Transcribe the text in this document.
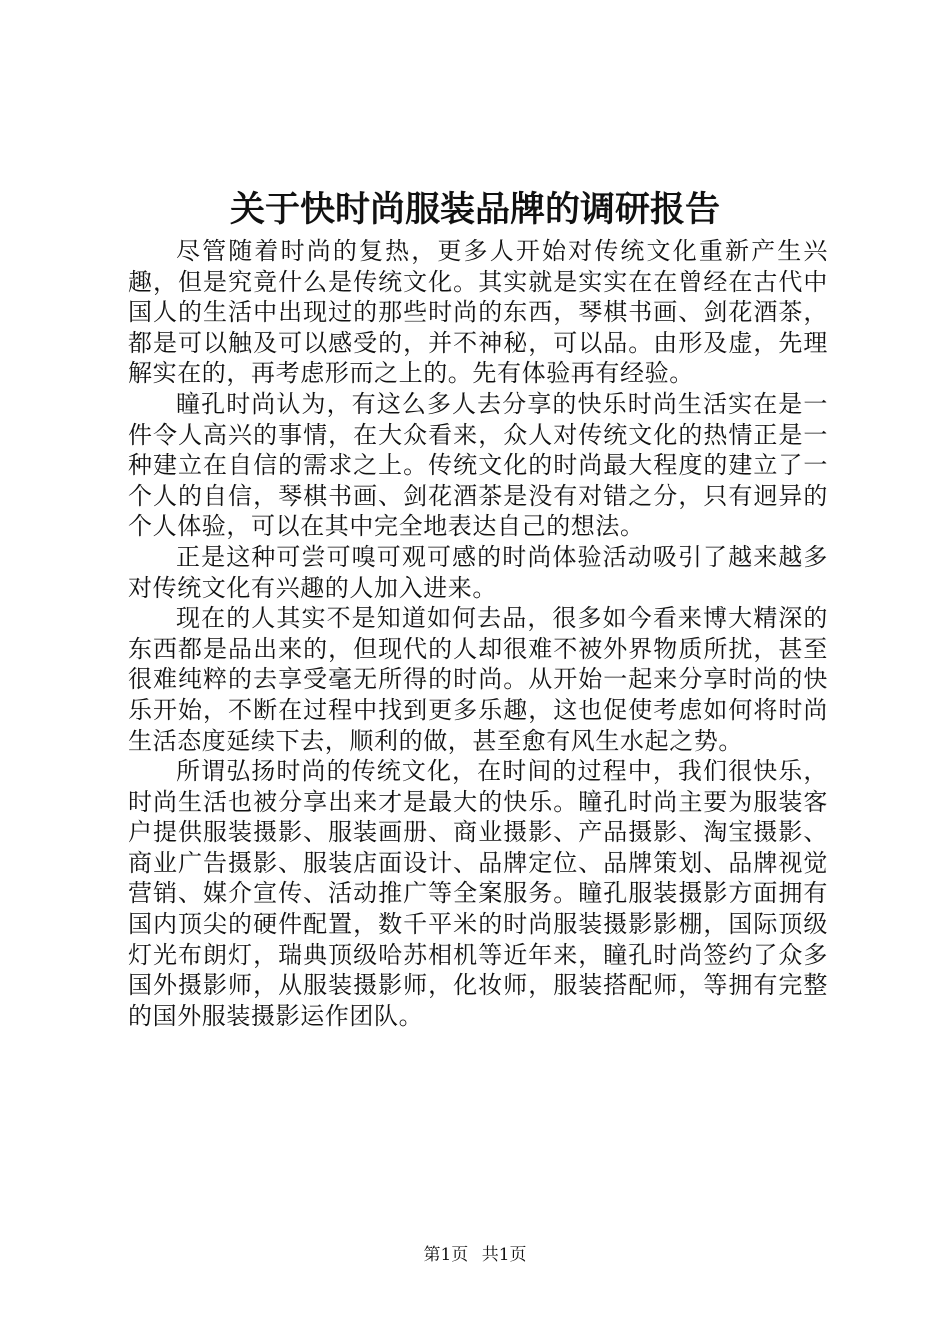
关于快时尚服装品牌的调研报告

尽管随着时尚的复热，更多人开始对传统文化重新产生兴趣，但是究竟什么是传统文化。其实就是实实在在曾经在古代中国人的生活中出现过的那些时尚的东西，琴棋书画、剑花酒茶，都是可以触及可以感受的，并不神秘，可以品。由形及虚，先理解实在的，再考虑形而之上的。先有体验再有经验。

瞳孔时尚认为，有这么多人去分享的快乐时尚生活实在是一件令人高兴的事情，在大众看来，众人对传统文化的热情正是一种建立在自信的需求之上。传统文化的时尚最大程度的建立了一个人的自信，琴棋书画、剑花酒茶是没有对错之分，只有迥异的个人体验，可以在其中完全地表达自己的想法。

正是这种可尝可嗅可观可感的时尚体验活动吸引了越来越多对传统文化有兴趣的人加入进来。

现在的人其实不是知道如何去品，很多如今看来博大精深的东西都是品出来的，但现代的人却很难不被外界物质所扰，甚至很难纯粹的去享受毫无所得的时尚。从开始一起来分享时尚的快乐开始，不断在过程中找到更多乐趣，这也促使考虑如何将时尚生活态度延续下去，顺利的做，甚至愈有风生水起之势。

所谓弘扬时尚的传统文化，在时间的过程中，我们很快乐，时尚生活也被分享出来才是最大的快乐。瞳孔时尚主要为服装客户提供服装摄影、服装画册、商业摄影、产品摄影、淘宝摄影、商业广告摄影、服装店面设计、品牌定位、品牌策划、品牌视觉营销、媒介宣传、活动推广等全案服务。瞳孔服装摄影方面拥有国内顶尖的硬件配置，数千平米的时尚服装摄影影棚，国际顶级灯光布朗灯，瑞典顶级哈苏相机等近年来，瞳孔时尚签约了众多国外摄影师，从服装摄影师，化妆师，服装搭配师，等拥有完整的国外服装摄影运作团队。

第1页 共1页
